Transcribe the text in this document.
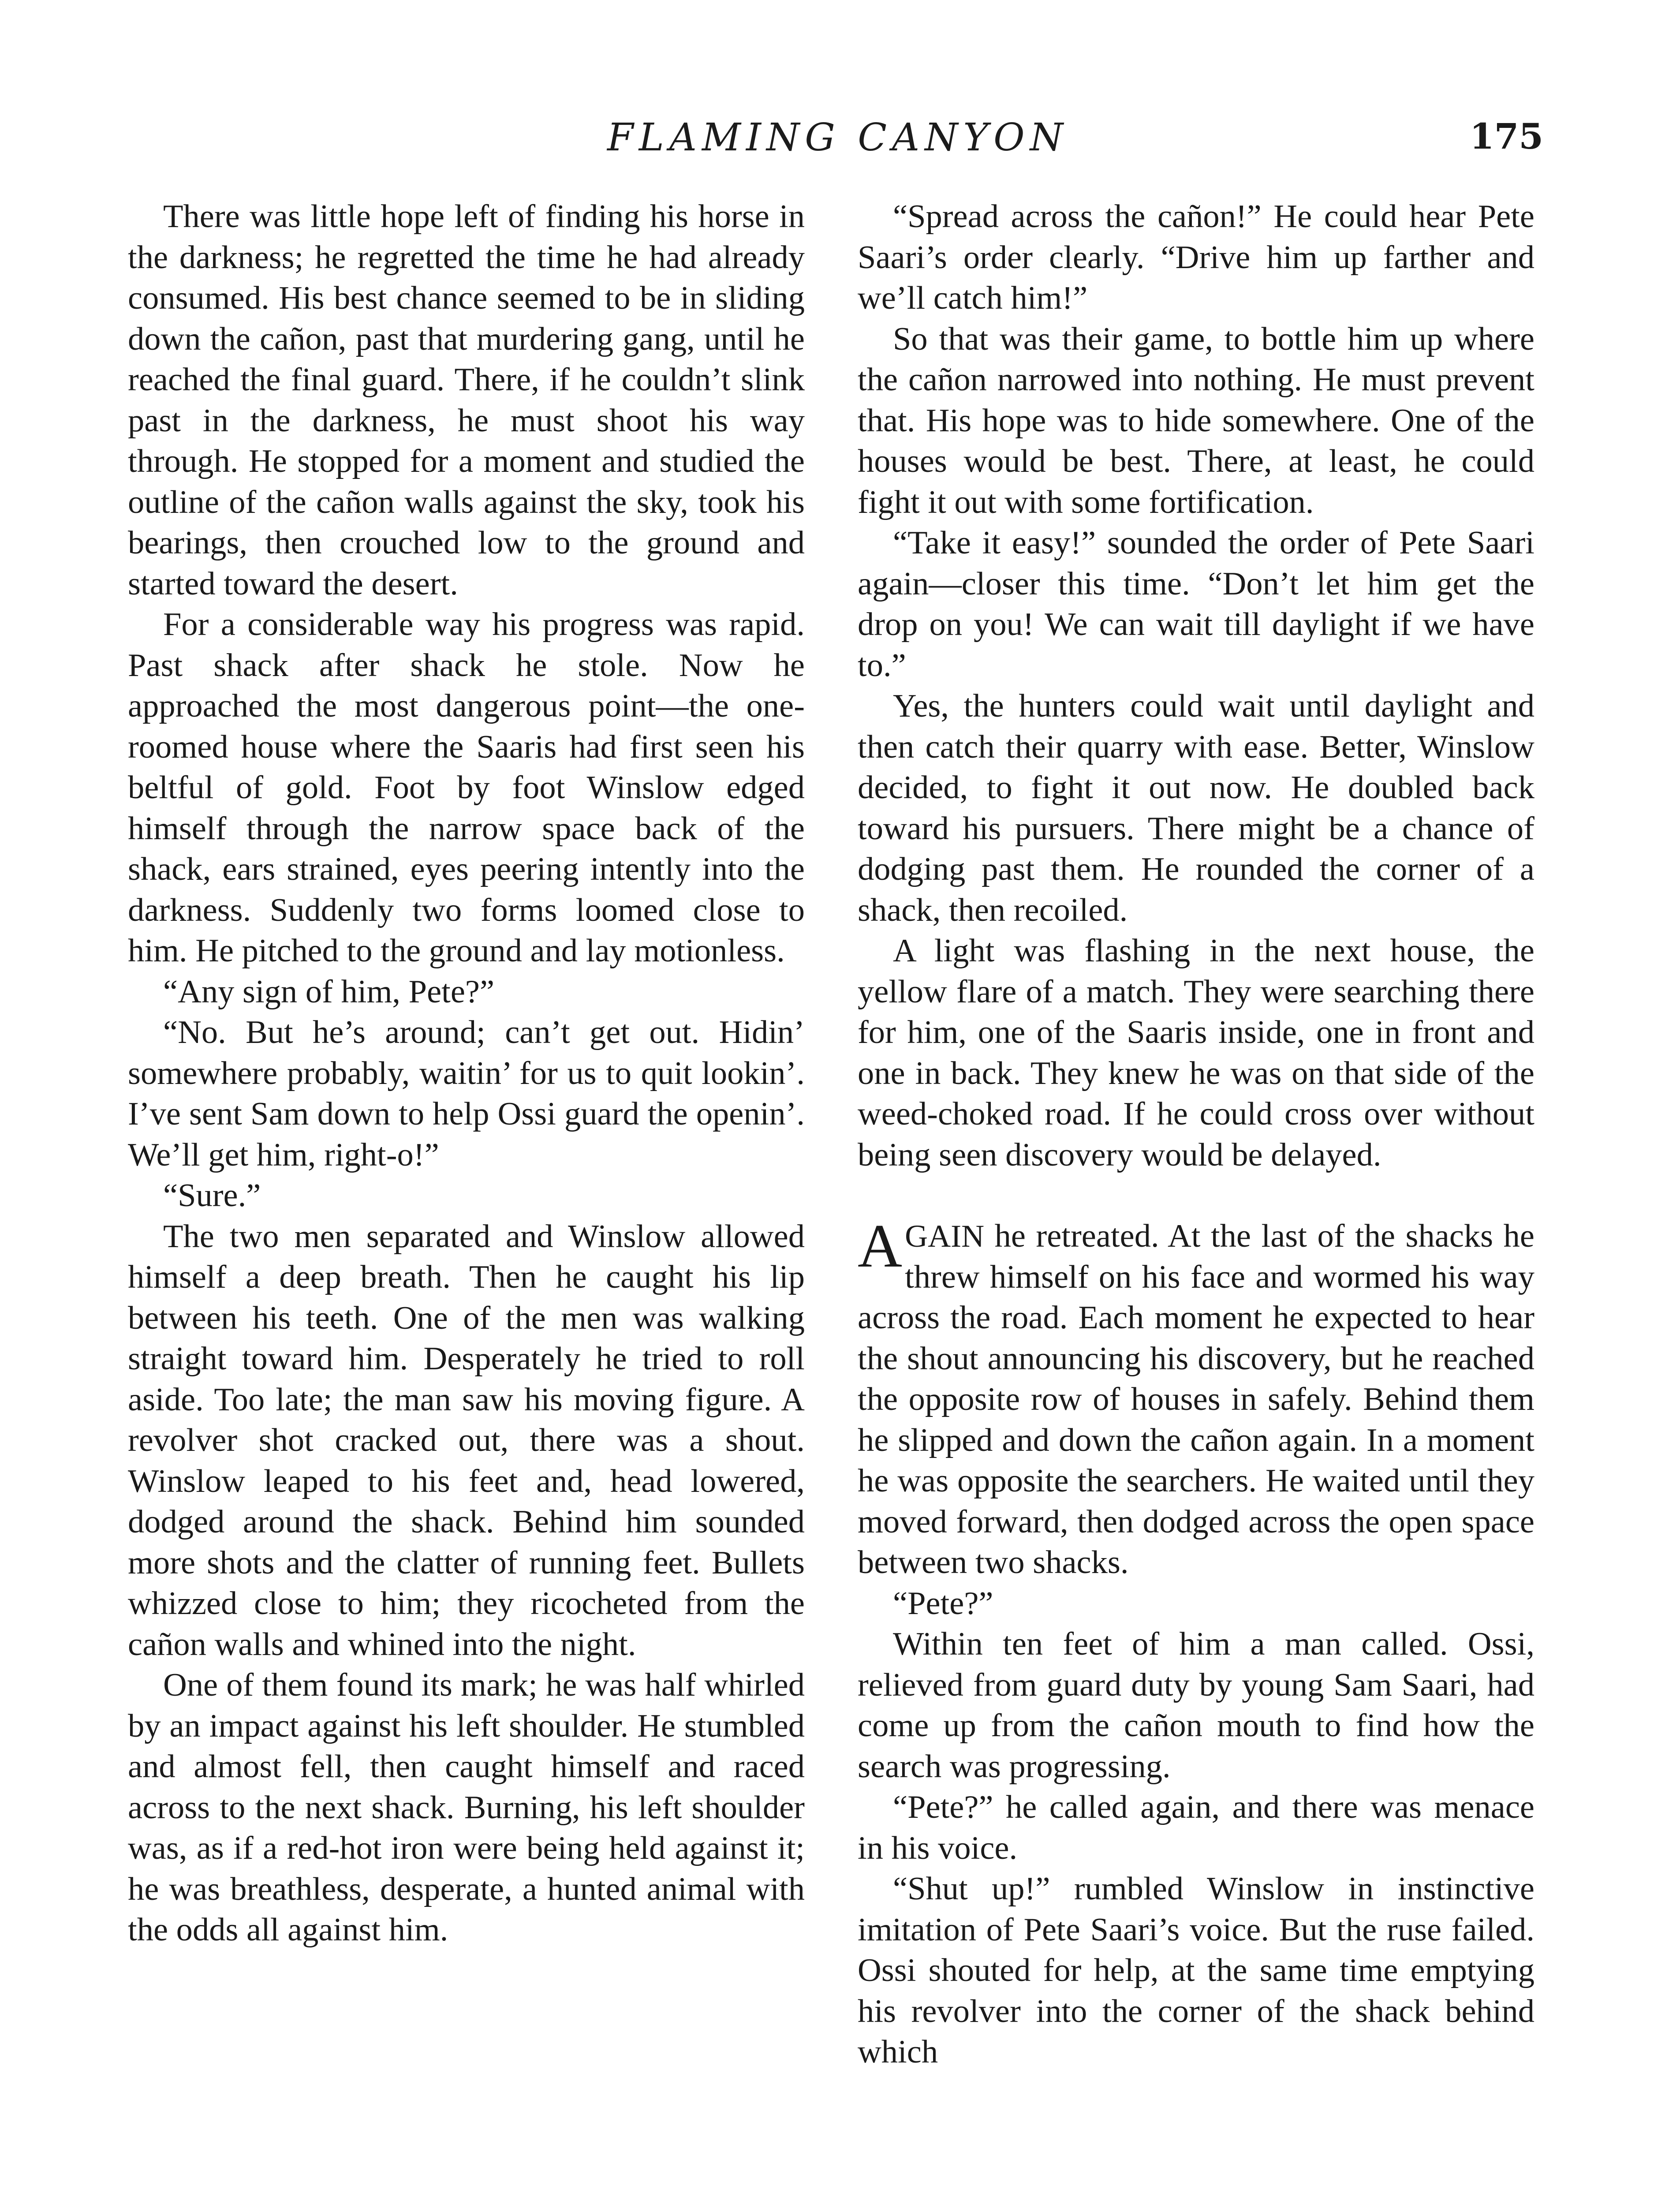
FLAMING CANYON	175

There was little hope left of finding his horse in the darkness; he regretted the time he had already consumed. His best chance seemed to be in sliding down the cañon, past that murdering gang, until he reached the final guard. There, if he couldn’t slink past in the darkness, he must shoot his way through. He stopped for a moment and studied the outline of the cañon walls against the sky, took his bearings, then crouched low to the ground and started toward the desert.

For a considerable way his progress was rapid. Past shack after shack he stole. Now he approached the most dangerous point—the one-roomed house where the Saaris had first seen his beltful of gold. Foot by foot Winslow edged himself through the narrow space back of the shack, ears strained, eyes peering intently into the darkness. Suddenly two forms loomed close to him. He pitched to the ground and lay motionless.

“Any sign of him, Pete?”

“No. But he’s around; can’t get out. Hidin’ somewhere probably, waitin’ for us to quit lookin’. I’ve sent Sam down to help Ossi guard the openin’. We’ll get him, right-o!”

“Sure.”

The two men separated and Winslow allowed himself a deep breath. Then he caught his lip between his teeth. One of the men was walking straight toward him. Desperately he tried to roll aside. Too late; the man saw his moving figure. A revolver shot cracked out, there was a shout. Winslow leaped to his feet and, head lowered, dodged around the shack. Behind him sounded more shots and the clatter of running feet. Bullets whizzed close to him; they ricocheted from the cañon walls and whined into the night.

One of them found its mark; he was half whirled by an impact against his left shoulder. He stumbled and almost fell, then caught himself and raced across to the next shack. Burning, his left shoulder was, as if a red-hot iron were being held against it; he was breathless, desperate, a hunted animal with the odds all against him.

“Spread across the cañon!” He could hear Pete Saari’s order clearly. “Drive him up farther and we’ll catch him!”

So that was their game, to bottle him up where the cañon narrowed into nothing. He must prevent that. His hope was to hide somewhere. One of the houses would be best. There, at least, he could fight it out with some fortification.

“Take it easy!” sounded the order of Pete Saari again—closer this time. “Don’t let him get the drop on you! We can wait till daylight if we have to.”

Yes, the hunters could wait until daylight and then catch their quarry with ease. Better, Winslow decided, to fight it out now. He doubled back toward his pursuers. There might be a chance of dodging past them. He rounded the corner of a shack, then recoiled.

A light was flashing in the next house, the yellow flare of a match. They were searching there for him, one of the Saaris inside, one in front and one in back. They knew he was on that side of the weed-choked road. If he could cross over without being seen discovery would be delayed.

AGAIN he retreated. At the last of the shacks he threw himself on his face and wormed his way across the road. Each moment he expected to hear the shout announcing his discovery, but he reached the opposite row of houses in safely. Behind them he slipped and down the cañon again. In a moment he was opposite the searchers. He waited until they moved forward, then dodged across the open space between two shacks.

“Pete?”

Within ten feet of him a man called. Ossi, relieved from guard duty by young Sam Saari, had come up from the cañon mouth to find how the search was progressing.

“Pete?” he called again, and there was menace in his voice.

“Shut up!” rumbled Winslow in instinctive imitation of Pete Saari’s voice. But the ruse failed. Ossi shouted for help, at the same time emptying his revolver into the corner of the shack behind which
